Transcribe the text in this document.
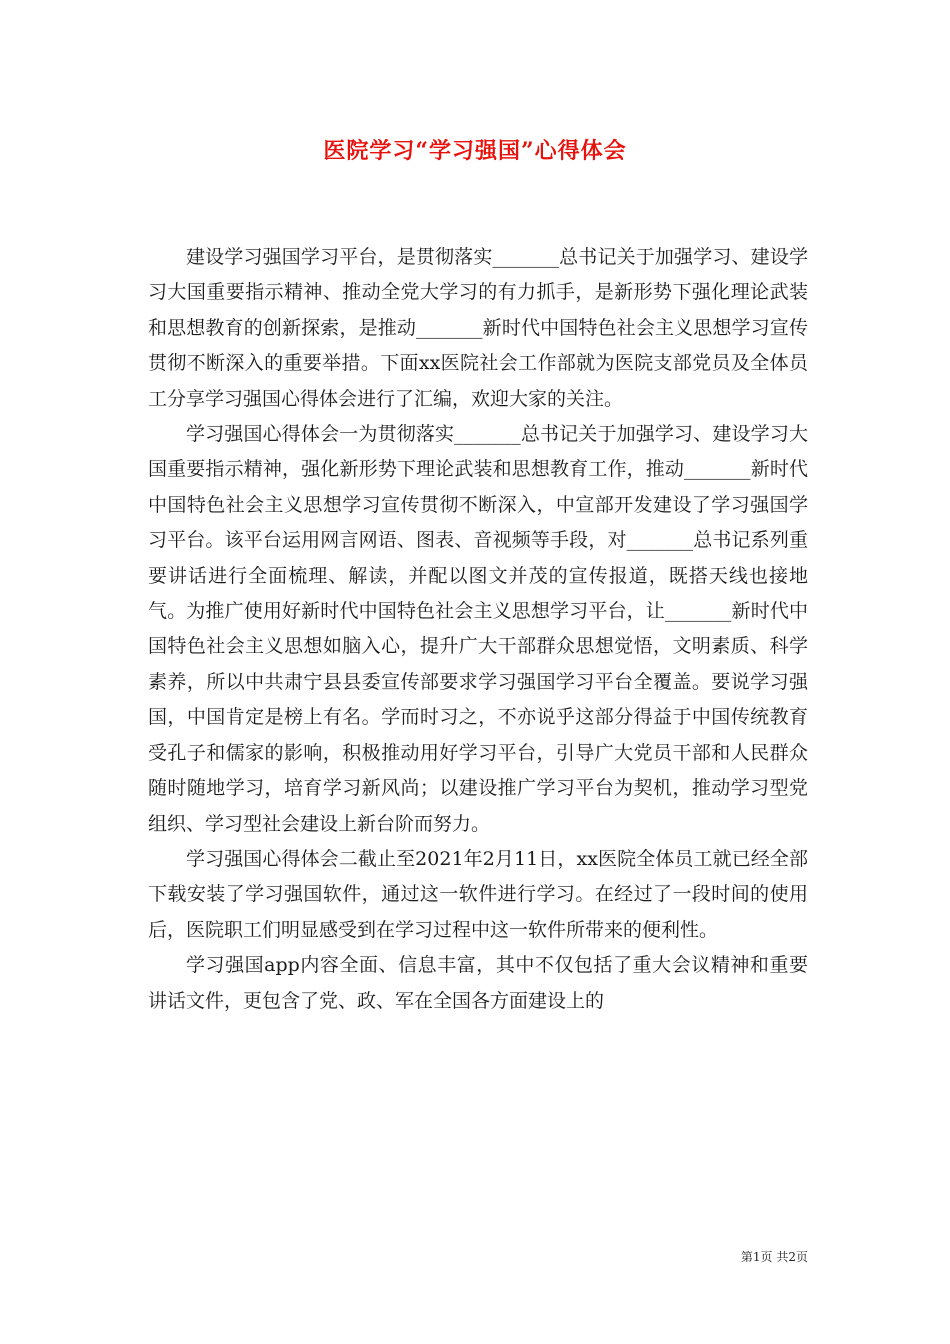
医院学习“学习强国”心得体会

建设学习强国学习平台，是贯彻落实_______总书记关于加强学习、建设学习大国重要指示精神、推动全党大学习的有力抓手，是新形势下强化理论武装和思想教育的创新探索，是推动_______新时代中国特色社会主义思想学习宣传贯彻不断深入的重要举措。下面xx医院社会工作部就为医院支部党员及全体员工分享学习强国心得体会进行了汇编，欢迎大家的关注。

学习强国心得体会一为贯彻落实_______总书记关于加强学习、建设学习大国重要指示精神，强化新形势下理论武装和思想教育工作，推动_______新时代中国特色社会主义思想学习宣传贯彻不断深入，中宣部开发建设了学习强国学习平台。该平台运用网言网语、图表、音视频等手段，对_______总书记系列重要讲话进行全面梳理、解读，并配以图文并茂的宣传报道，既搭天线也接地气。为推广使用好新时代中国特色社会主义思想学习平台，让_______新时代中国特色社会主义思想如脑入心，提升广大干部群众思想觉悟，文明素质、科学素养，所以中共肃宁县县委宣传部要求学习强国学习平台全覆盖。要说学习强国，中国肯定是榜上有名。学而时习之，不亦说乎这部分得益于中国传统教育受孔子和儒家的影响，积极推动用好学习平台，引导广大党员干部和人民群众随时随地学习，培育学习新风尚；以建设推广学习平台为契机，推动学习型党组织、学习型社会建设上新台阶而努力。

学习强国心得体会二截止至2021年2月11日，xx医院全体员工就已经全部下载安装了学习强国软件，通过这一软件进行学习。在经过了一段时间的使用后，医院职工们明显感受到在学习过程中这一软件所带来的便利性。

学习强国app内容全面、信息丰富，其中不仅包括了重大会议精神和重要讲话文件，更包含了党、政、军在全国各方面建设上的

第1页 共2页
